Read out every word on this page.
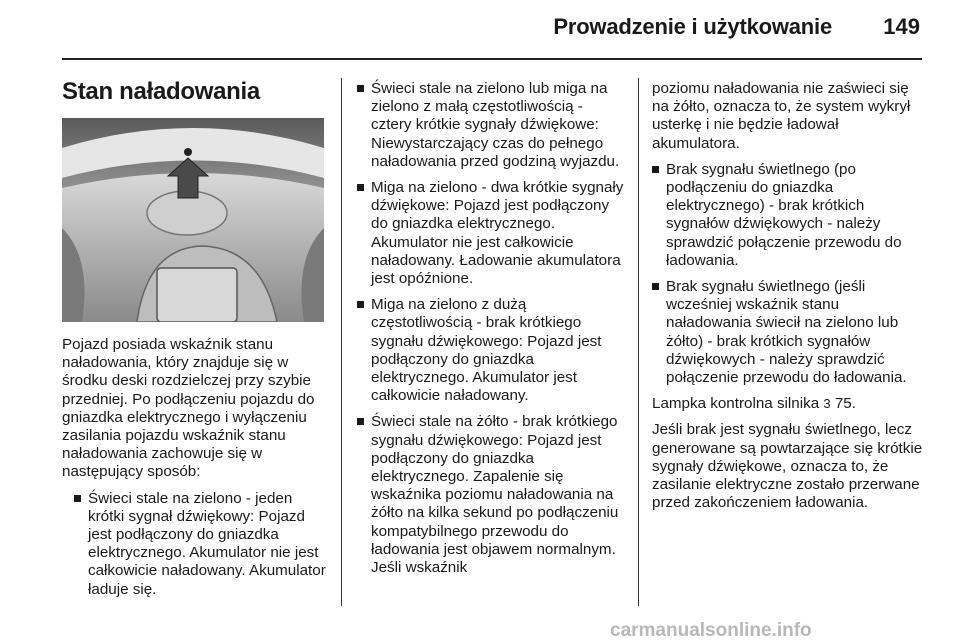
Prowadzenie i użytkowanie 149
Stan naładowania

Pojazd posiada wskaźnik stanu naładowania, który znajduje się w środku deski rozdzielczej przy szybie przedniej. Po podłączeniu pojazdu do gniazdka elektrycznego i wyłączeniu zasilania pojazdu wskaźnik stanu naładowania zachowuje się w następujący sposób:

Świeci stale na zielono - jeden krótki sygnał dźwiękowy: Pojazd jest podłączony do gniazdka elektrycznego. Akumulator nie jest całkowicie naładowany. Akumulator ładuje się.
Świeci stale na zielono lub miga na zielono z małą częstotliwością - cztery krótkie sygnały dźwiękowe: Niewystarczający czas do pełnego naładowania przed godziną wyjazdu.
Miga na zielono - dwa krótkie sygnały dźwiękowe: Pojazd jest podłączony do gniazdka elektrycznego. Akumulator nie jest całkowicie naładowany. Ładowanie akumulatora jest opóźnione.
Miga na zielono z dużą częstotliwością - brak krótkiego sygnału dźwiękowego: Pojazd jest podłączony do gniazdka elektrycznego. Akumulator jest całkowicie naładowany.
Świeci stale na żółto - brak krótkiego sygnału dźwiękowego: Pojazd jest podłączony do gniazdka elektrycznego. Zapalenie się wskaźnika poziomu naładowania na żółto na kilka sekund po podłączeniu kompatybilnego przewodu do ładowania jest objawem normalnym. Jeśli wskaźnik

poziomu naładowania nie zaświeci się na żółto, oznacza to, że system wykrył usterkę i nie będzie ładował akumulatora.

Brak sygnału świetlnego (po podłączeniu do gniazdka elektrycznego) - brak krótkich sygnałów dźwiękowych - należy sprawdzić połączenie przewodu do ładowania.
Brak sygnału świetlnego (jeśli wcześniej wskaźnik stanu naładowania świecił na zielono lub żółto) - brak krótkich sygnałów dźwiękowych - należy sprawdzić połączenie przewodu do ładowania.

Lampka kontrolna silnika 3 75.

Jeśli brak jest sygnału świetlnego, lecz generowane są powtarzające się krótkie sygnały dźwiękowe, oznacza to, że zasilanie elektryczne zostało przerwane przed zakończeniem ładowania.

carmanualsonline.info
